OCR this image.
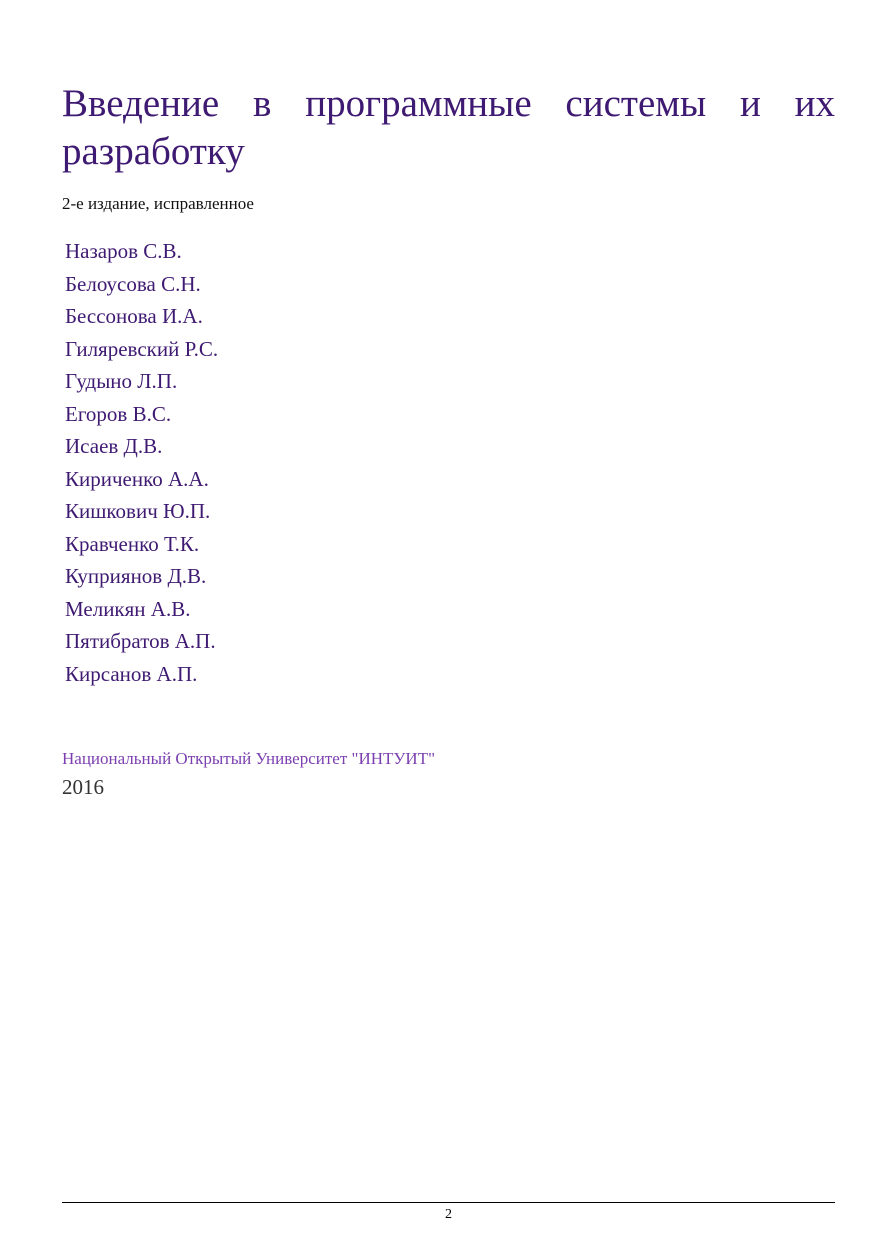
Введение в программные системы и их разработку
2-е издание, исправленное
Назаров С.В.
Белоусова С.Н.
Бессонова И.А.
Гиляревский Р.С.
Гудыно Л.П.
Егоров В.С.
Исаев Д.В.
Кириченко А.А.
Кишкович Ю.П.
Кравченко Т.К.
Куприянов Д.В.
Меликян А.В.
Пятибратов А.П.
Кирсанов А.П.
Национальный Открытый Университет "ИНТУИТ"
2016
2
